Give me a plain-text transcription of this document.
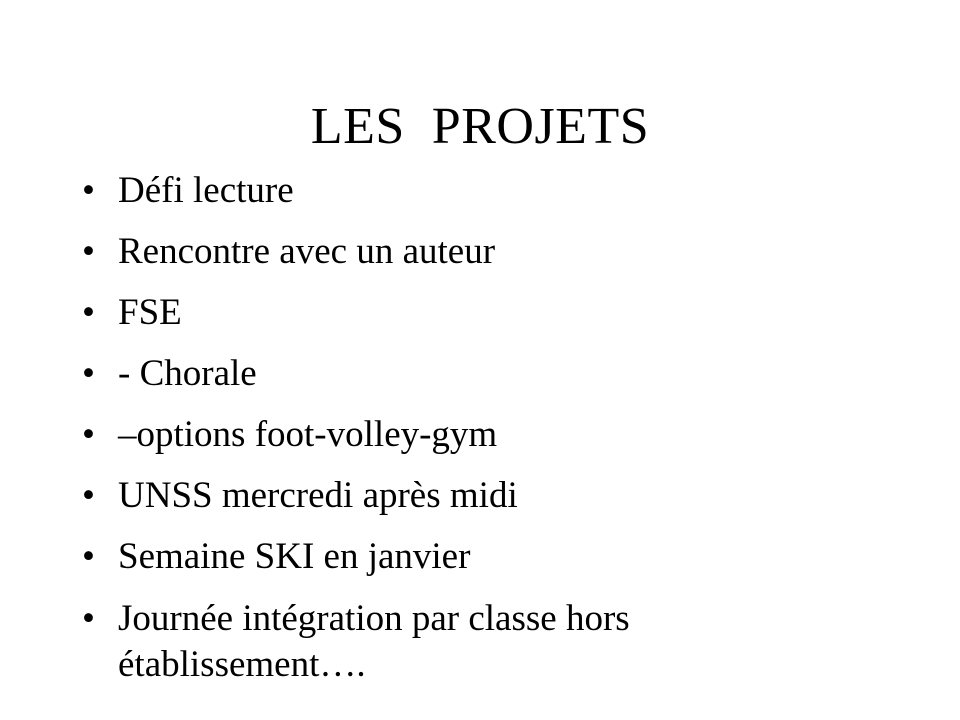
LES  PROJETS
• Défi lecture
• Rencontre avec un auteur
• FSE
• - Chorale
• –options foot-volley-gym
• UNSS mercredi après midi
• Semaine SKI en janvier
• Journée intégration par classe hors établissement….
